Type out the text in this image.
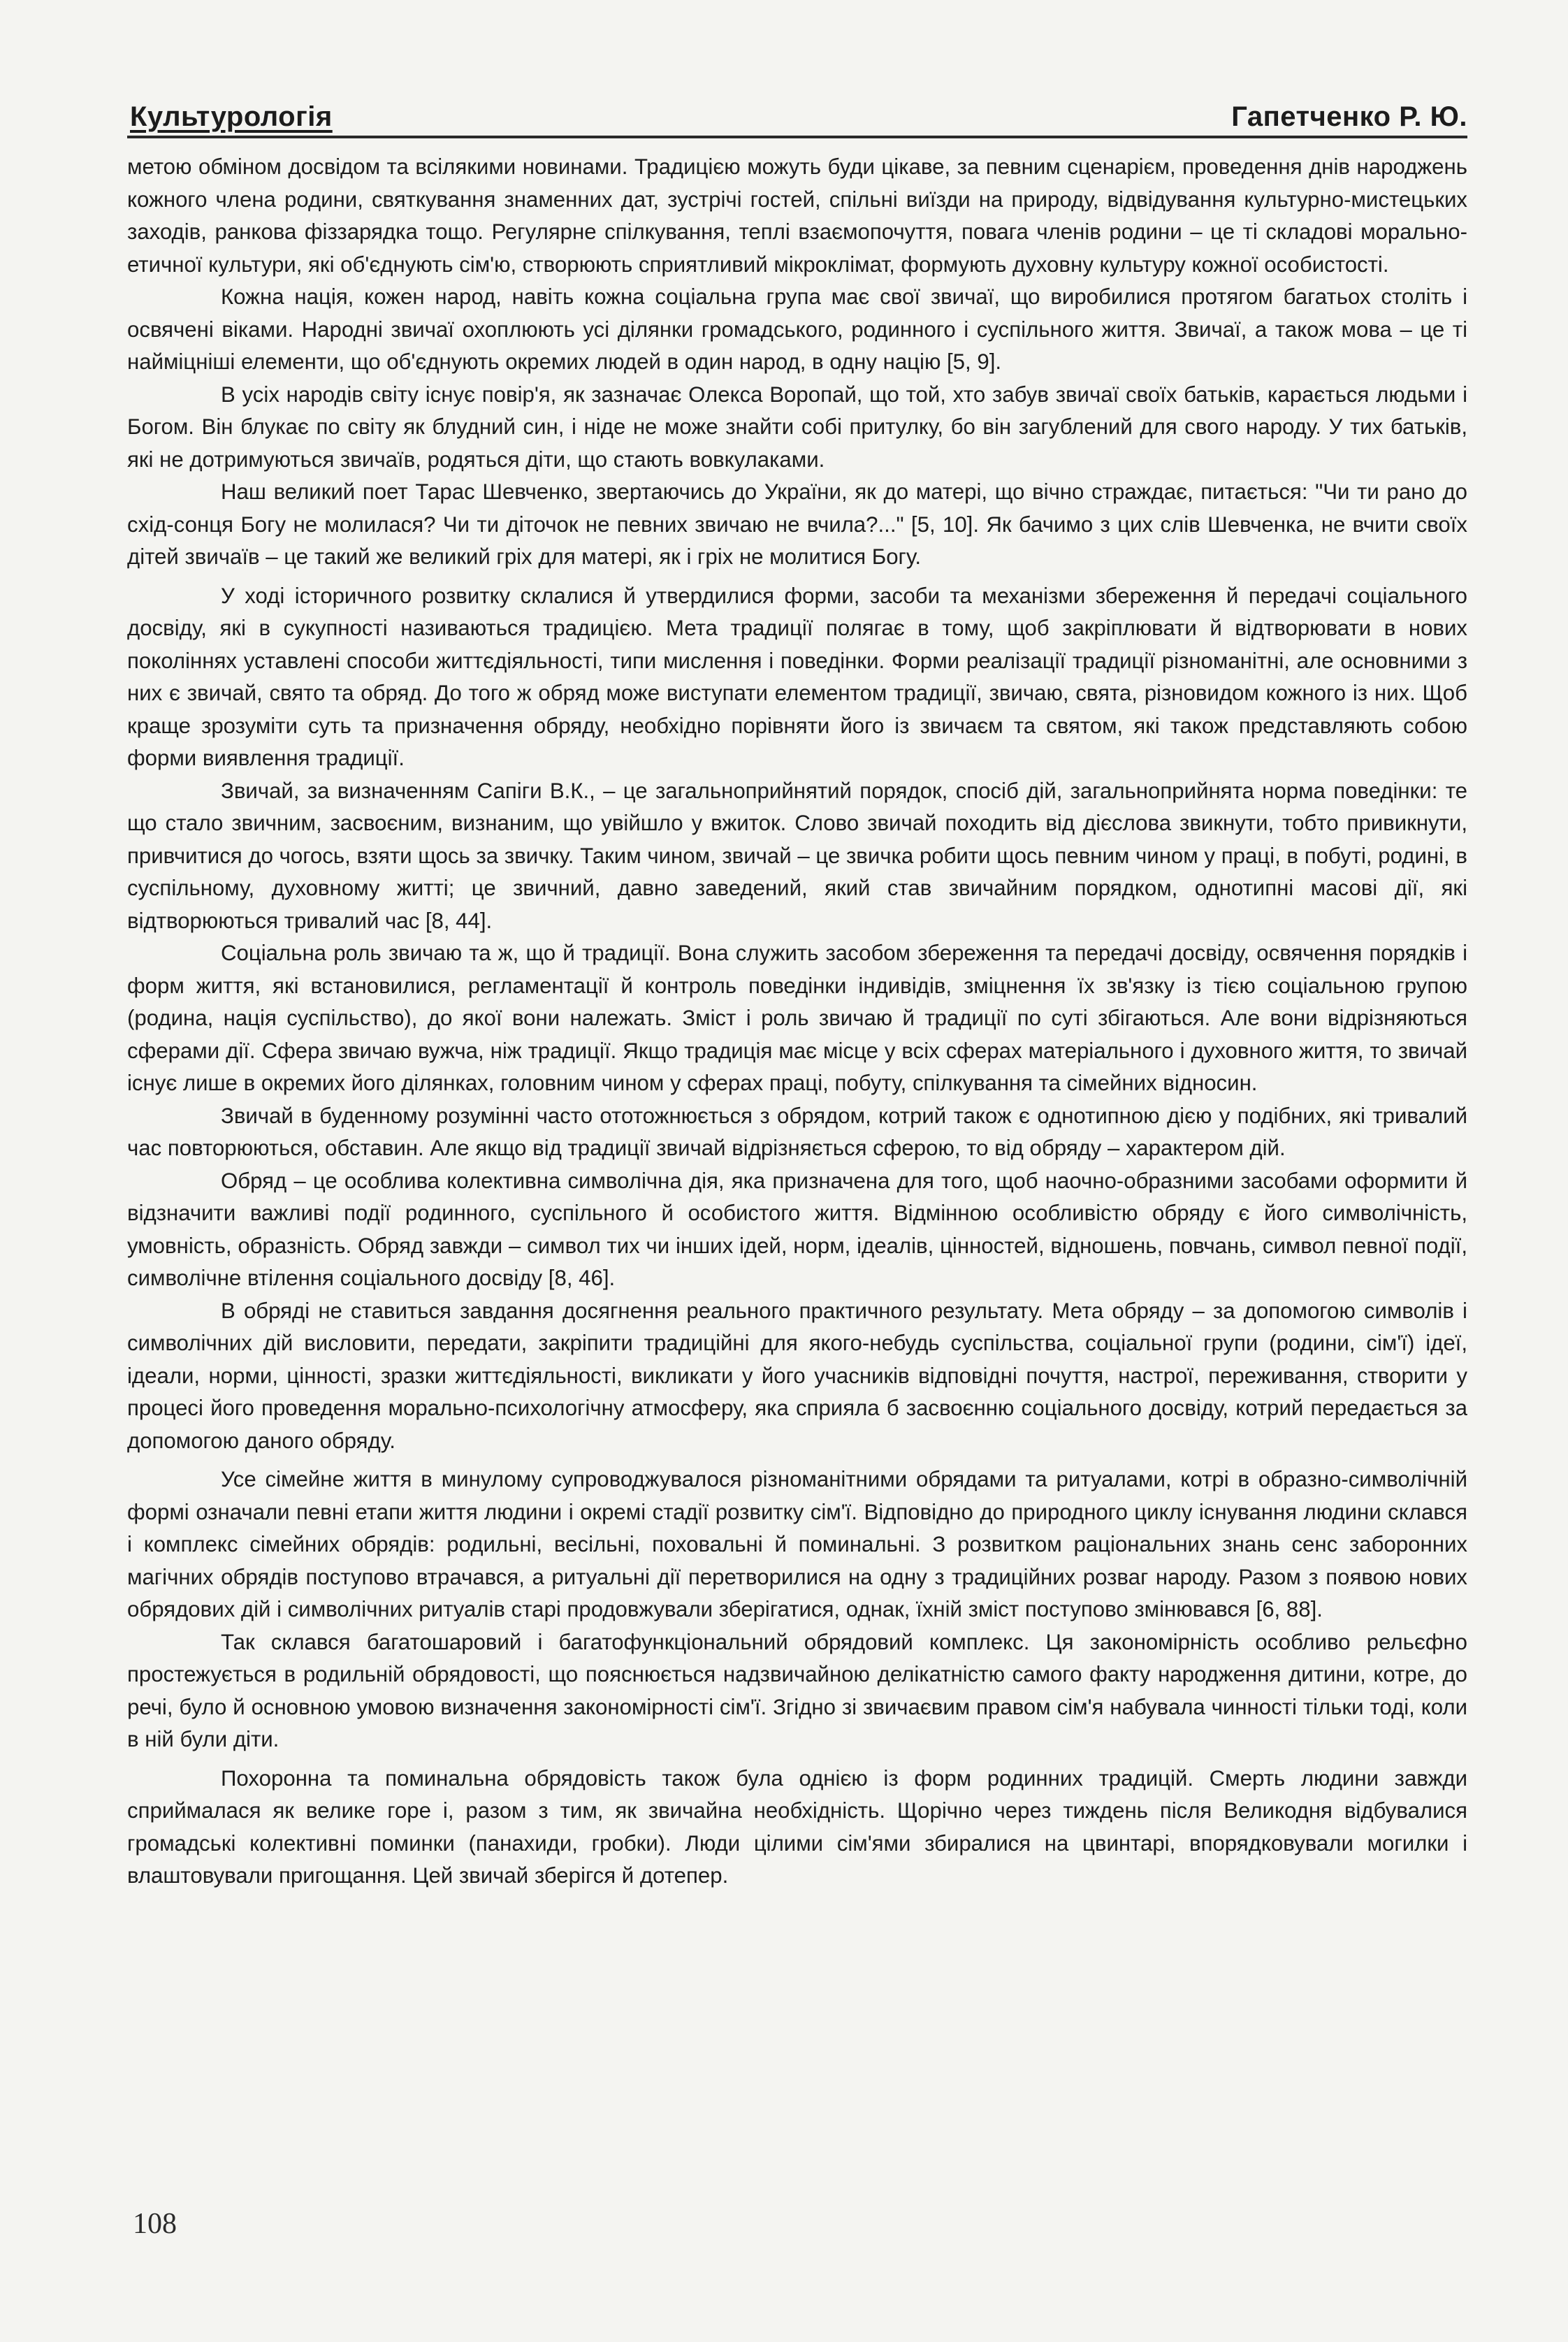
Культурологія	Гапетченко Р. Ю.

метою обміном досвідом та всілякими новинами. Традицією можуть буди цікаве, за певним сценарієм, проведення днів народжень кожного члена родини, святкування знаменних дат, зустрічі гостей, спільні виїзди на природу, відвідування культурно-мистецьких заходів, ранкова фіззарядка тощо. Регулярне спілкування, теплі взаємопочуття, повага членів родини – це ті складові морально-етичної культури, які об'єднують сім'ю, створюють сприятливий мікроклімат, формують духовну культуру кожної особистості.

Кожна нація, кожен народ, навіть кожна соціальна група має свої звичаї, що виробилися протягом багатьох століть і освячені віками. Народні звичаї охоплюють усі ділянки громадського, родинного і суспільного життя. Звичаї, а також мова – це ті наймiцніші елементи, що об'єднують окремих людей в один народ, в одну націю [5, 9].

В усіх народів світу існує повір'я, як зазначає Олекса Воропай, що той, хто забув звичаї своїх батьків, карається людьми і Богом. Він блукає по світу як блудний син, і ніде не може знайти собі притулку, бо він загублений для свого народу. У тих батьків, які не дотримуються звичаїв, родяться діти, що стають вовкулаками.

Наш великий поет Тарас Шевченко, звертаючись до України, як до матері, що вічно страждає, питається: "Чи ти рано до схід-сонця Богу не молилася? Чи ти діточок не певних звичаю не вчила?..." [5, 10]. Як бачимо з цих слів Шевченка, не вчити своїх дітей звичаїв – це такий же великий гріх для матері, як і гріх не молитися Богу.

У ході історичного розвитку склалися й утвердилися форми, засоби та механізми збереження й передачі соціального досвіду, які в сукупності називаються традицією. Мета традиції полягає в тому, щоб закріплювати й відтворювати в нових поколіннях уставлені способи життєдіяльності, типи мислення і поведінки. Форми реалізації традиції різноманітні, але основними з них є звичай, свято та обряд. До того ж обряд може виступати елементом традиції, звичаю, свята, різновидом кожного із них. Щоб краще зрозуміти суть та призначення обряду, необхідно порівняти його із звичаєм та святом, які також представляють собою форми виявлення традиції.

Звичай, за визначенням Сапіги В.К., – це загальноприйнятий порядок, спосіб дій, загальноприйнята норма поведінки: те що стало звичним, засвоєним, визнаним, що увійшло у вжиток. Слово звичай походить від дієслова звикнути, тобто привикнути, привчитися до чогось, взяти щось за звичку. Таким чином, звичай – це звичка робити щось певним чином у праці, в побуті, родині, в суспільному, духовному житті; це звичний, давно заведений, який став звичайним порядком, однотипні масові дії, які відтворюються тривалий час [8, 44].

Соціальна роль звичаю та ж, що й традиції. Вона служить засобом збереження та передачі досвіду, освячення порядків і форм життя, які встановилися, регламентації й контроль поведінки індивідів, зміцнення їх зв'язку із тією соціальною групою (родина, нація суспільство), до якої вони належать. Зміст і роль звичаю й традиції по суті збігаються. Але вони відрізняються сферами дії. Сфера звичаю вужча, ніж традиції. Якщо традиція має місце у всіх сферах матеріального і духовного життя, то звичай існує лише в окремих його ділянках, головним чином у сферах праці, побуту, спілкування та сімейних відносин.

Звичай в буденному розумінні часто ототожнюється з обрядом, котрий також є однотипною дією у подібних, які тривалий час повторюються, обставин. Але якщо від традиції звичай відрізняється сферою, то від обряду – характером дій.

Обряд – це особлива колективна символічна дія, яка призначена для того, щоб наочно-образними засобами оформити й відзначити важливі події родинного, суспільного й особистого життя. Відмінною особливістю обряду є його символічність, умовність, образність. Обряд завжди – символ тих чи інших ідей, норм, ідеалів, цінностей, відношень, повчань, символ певної події, символічне втілення соціального досвіду [8, 46].

В обряді не ставиться завдання досягнення реального практичного результату. Мета обряду – за допомогою символів і символічних дій висловити, передати, закріпити традиційні для якого-небудь суспільства, соціальної групи (родини, сім'ї) ідеї, ідеали, норми, цінності, зразки життєдіяльності, викликати у його учасників відповідні почуття, настрої, переживання, створити у процесі його проведення морально-психологічну атмосферу, яка сприяла б засвоєнню соціального досвіду, котрий передається за допомогою даного обряду.

Усе сімейне життя в минулому супроводжувалося різноманітними обрядами та ритуалами, котрі в образно-символічній формі означали певні етапи життя людини і окремі стадії розвитку сім'ї. Відповідно до природного циклу існування людини склався і комплекс сімейних обрядів: родильні, весільні, поховальні й поминальні. З розвитком раціональних знань сенс заборонних магічних обрядів поступово втрачався, а ритуальні дії перетворилися на одну з традиційних розваг народу. Разом з появою нових обрядових дій і символічних ритуалів старі продовжували зберігатися, однак, їхній зміст поступово змінювався [6, 88].

Так склався багатошаровий і багатофункціональний обрядовий комплекс. Ця закономірність особливо рельєфно простежується в родильній обрядовості, що пояснюється надзвичайною делікатністю самого факту народження дитини, котре, до речі, було й основною умовою визначення закономірності сім'ї. Згідно зі звичаєвим правом сім'я набувала чинності тільки тоді, коли в ній були діти.

Похоронна та поминальна обрядовість також була однією із форм родинних традицій. Смерть людини завжди сприймалася як велике горе і, разом з тим, як звичайна необхідність. Щорічно через тиждень після Великодня відбувалися громадські колективні поминки (панахиди, гробки). Люди цілими сім'ями збиралися на цвинтарі, впорядковували могилки і влаштовували пригощання. Цей звичай зберігся й дотепер.

108
